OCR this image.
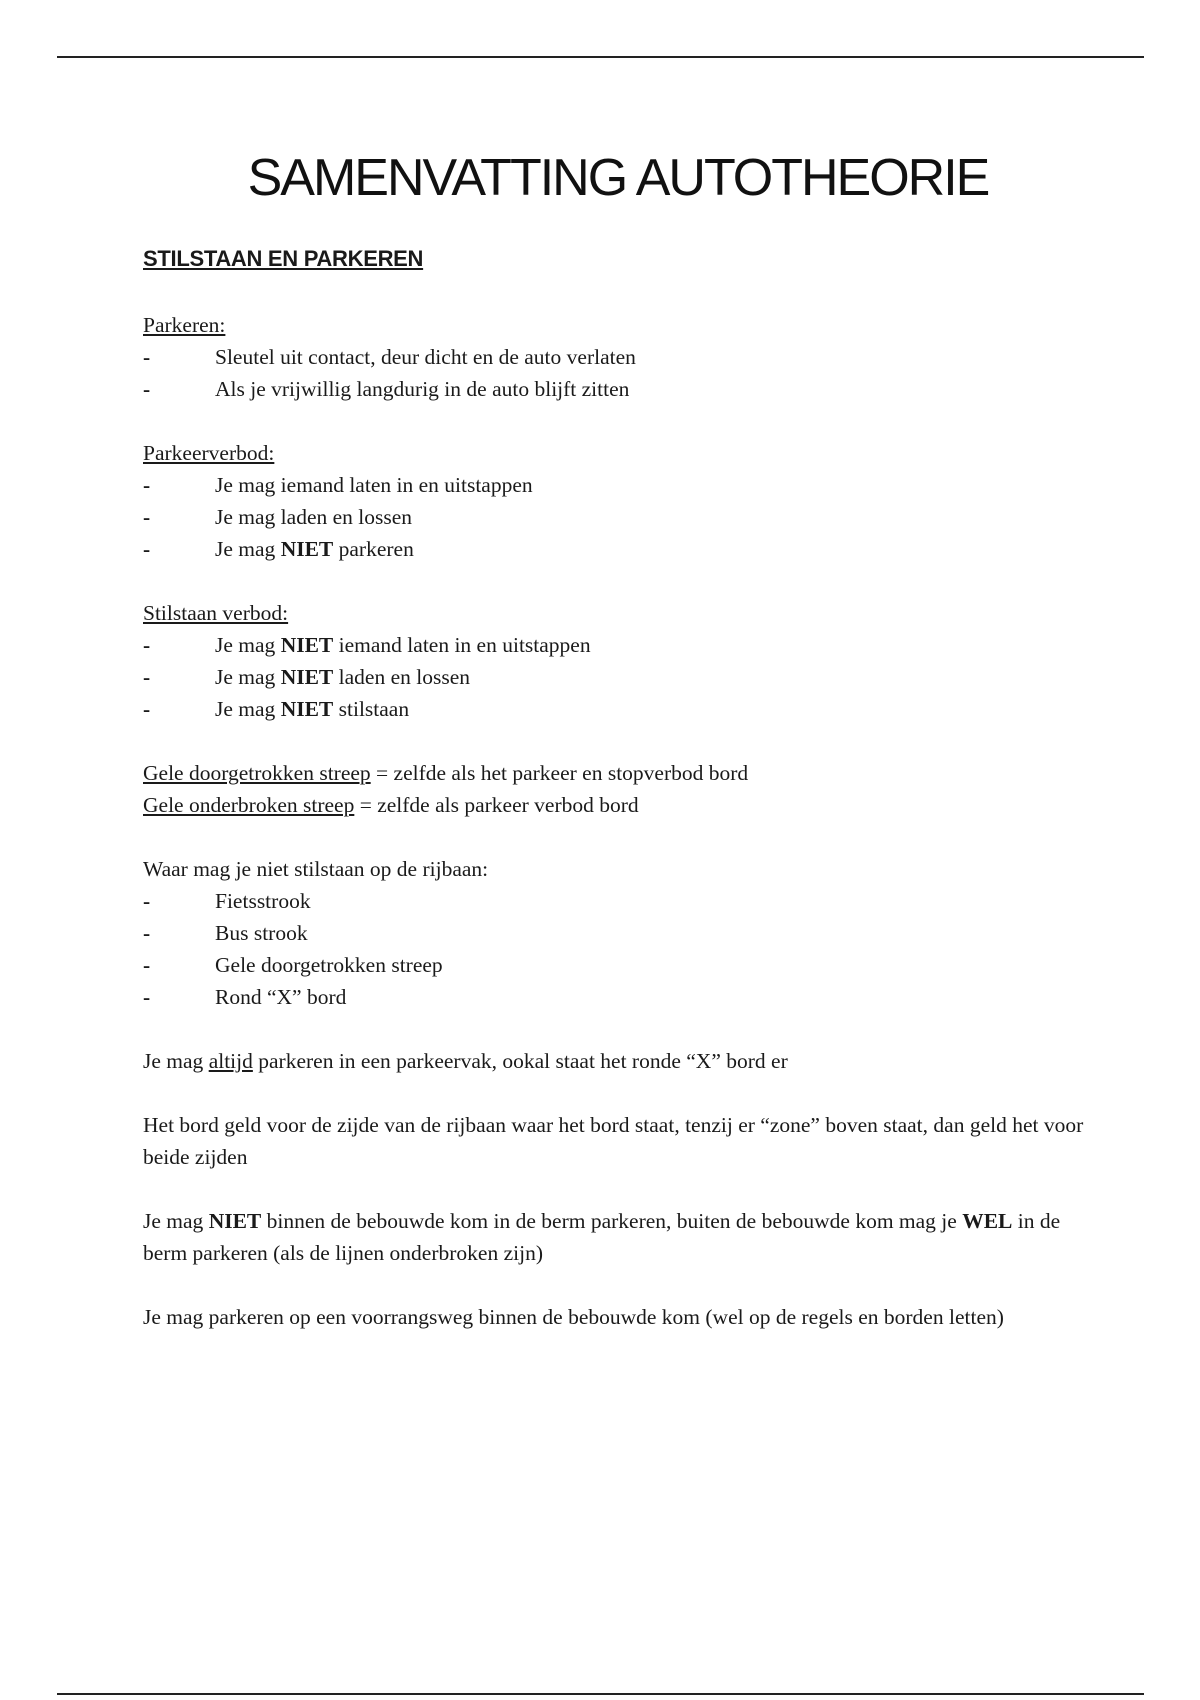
SAMENVATTING AUTOTHEORIE

STILSTAAN EN PARKEREN

Parkeren:

-	Sleutel uit contact, deur dicht en de auto verlaten
-	Als je vrijwillig langdurig in de auto blijft zitten

Parkeerverbod:

-	Je mag iemand laten in en uitstappen
-	Je mag laden en lossen
-	Je mag NIET parkeren

Stilstaan verbod:

-	Je mag NIET iemand laten in en uitstappen
-	Je mag NIET laden en lossen
-	Je mag NIET stilstaan

Gele doorgetrokken streep = zelfde als het parkeer en stopverbod bord

Gele onderbroken streep = zelfde als parkeer verbod bord

Waar mag je niet stilstaan op de rijbaan:

-	Fietsstrook
-	Bus strook
-	Gele doorgetrokken streep
-	Rond “X” bord

Je mag altijd parkeren in een parkeervak, ookal staat het ronde “X” bord er

Het bord geld voor de zijde van de rijbaan waar het bord staat, tenzij er “zone” boven staat, dan geld het voor beide zijden

Je mag NIET binnen de bebouwde kom in de berm parkeren, buiten de bebouwde kom mag je WEL in de berm parkeren (als de lijnen onderbroken zijn)

Je mag parkeren op een voorrangsweg binnen de bebouwde kom (wel op de regels en borden letten)
